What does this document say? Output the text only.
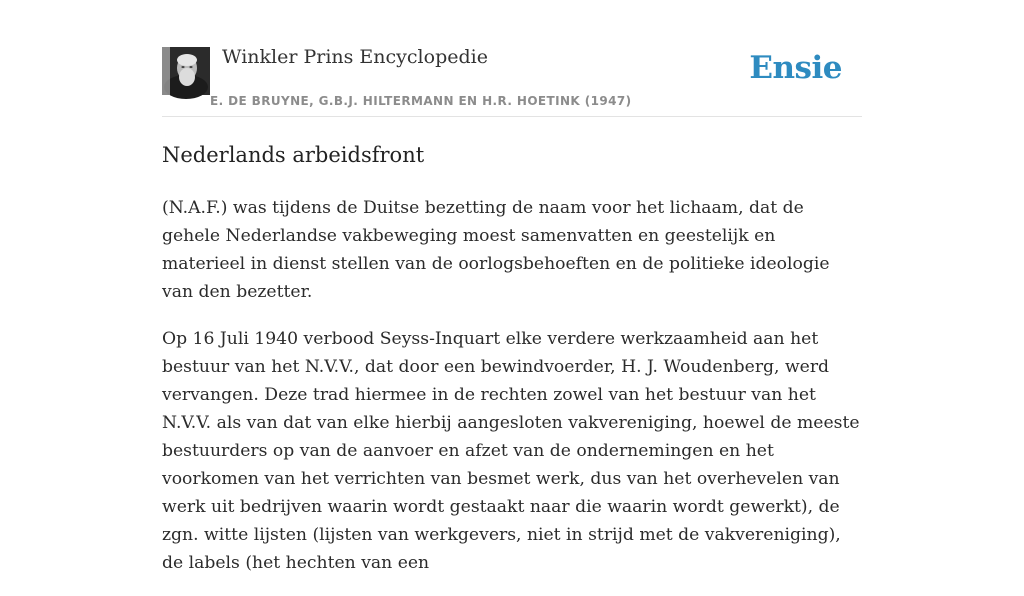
Winkler Prins Encyclopedie
E. DE BRUYNE, G.B.J. HILTERMANN EN H.R. HOETINK (1947)
Ensie
Nederlands arbeidsfront

(N.A.F.) was tijdens de Duitse bezetting de naam voor het lichaam, dat de gehele Nederlandse vakbeweging moest samenvatten en geestelijk en materieel in dienst stellen van de oorlogsbehoeften en de politieke ideologie van den bezetter.

Op 16 Juli 1940 verbood Seyss-Inquart elke verdere werkzaamheid aan het bestuur van het N.V.V., dat door een bewindvoerder, H. J. Woudenberg, werd vervangen. Deze trad hiermee in de rechten zowel van het bestuur van het N.V.V. als van dat van elke hierbij aangesloten vakvereniging, hoewel de meeste bestuurders op van de aanvoer en afzet van de ondernemingen en het voorkomen van het verrichten van besmet werk, dus van het overhevelen van werk uit bedrijven waarin wordt gestaakt naar die waarin wordt gewerkt), de zgn. witte lijsten (lijsten van werkgevers, niet in strijd met de vakvereniging), de labels (het hechten van een
